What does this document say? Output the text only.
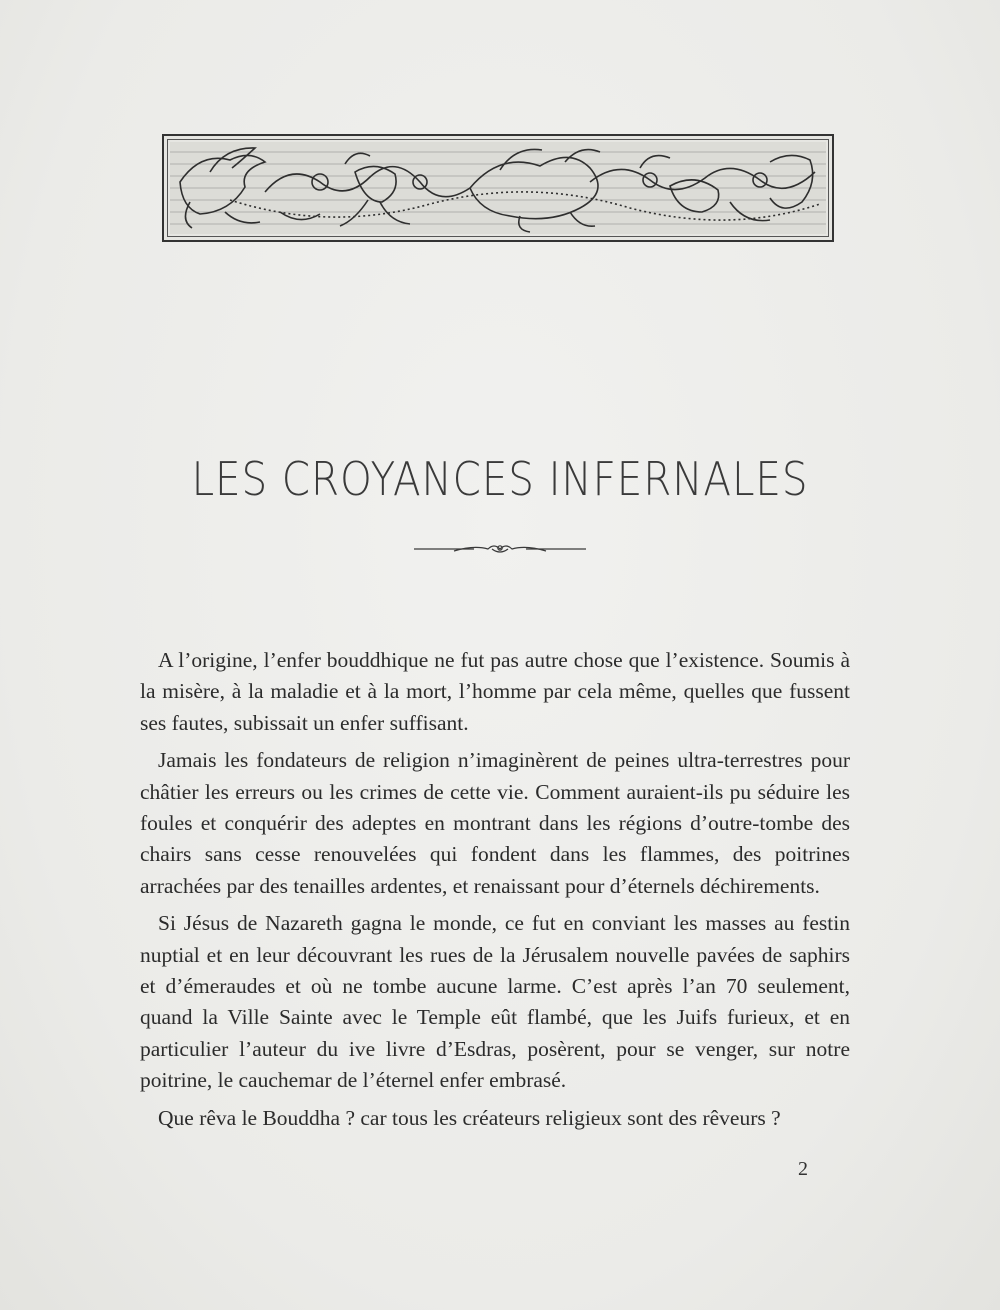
LES CROYANCES INFERNALES

A l’origine, l’enfer bouddhique ne fut pas autre chose que l’existence. Soumis à la misère, à la maladie et à la mort, l’homme par cela même, quelles que fussent ses fautes, subissait un enfer suffisant.

Jamais les fondateurs de religion n’imaginèrent de peines ultra-terrestres pour châtier les erreurs ou les crimes de cette vie. Comment auraient-ils pu séduire les foules et conquérir des adeptes en montrant dans les régions d’outre-tombe des chairs sans cesse renouvelées qui fondent dans les flammes, des poitrines arrachées par des tenailles ardentes, et renaissant pour d’éternels déchirements.

Si Jésus de Nazareth gagna le monde, ce fut en conviant les masses au festin nuptial et en leur découvrant les rues de la Jérusalem nouvelle pavées de saphirs et d’émeraudes et où ne tombe aucune larme. C’est après l’an 70 seulement, quand la Ville Sainte avec le Temple eût flambé, que les Juifs furieux, et en particulier l’auteur du ive livre d’Esdras, posèrent, pour se venger, sur notre poitrine, le cauchemar de l’éternel enfer embrasé.

Que rêva le Bouddha ? car tous les créateurs religieux sont des rêveurs ?

2
